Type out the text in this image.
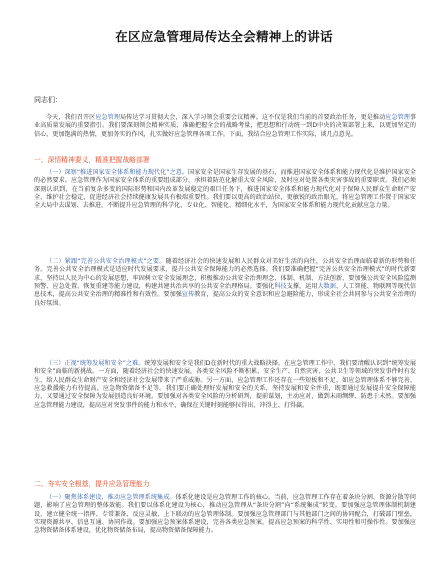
在区应急管理局传达全会精神上的讲话
同志们：
今天，我们召开区应急管理局传达学习贯彻大会，深入学习领会重要会议精神。这不仅是我们当前的首要政治任务，更是推动应急管理事业高质量发展的重要指引。我们要深刻领会精神实质，准确把握全会的战略考量，把思想和行动统一到D中央的决策部署上来，以更加坚定的信心、更加饱满的热情，更加务实的作风，扎实做好应急管理各项工作。下面，我结合应急管理工作实际，谈几点意见。
一、深悟精神要义，精准把握战略部署
（一）深察“推进国家安全体系和能力现代化”之意。国家安全是国家生存发展的基石，而推进国家安全体系和能力现代化是维护国家安全的必然要求。应急管理作为国家安全体系的重要组成部分，承担着防范化解重大安全风险、及时应对处置各类灾害事故的重要职责。我们必须深刻认识到，在当前复杂多变的国际形势和国内改革发展稳定的艰巨任务下，推进国家安全体系和能力现代化对于保障人民群众生命财产安全、维护社会稳定、促进经济社会持续健康发展具有极端重要性。我们要以更高的政治站位，更敏锐的政治眼光，将应急管理工作置于国家安全大局中去谋划、去推进，不断提升应急管理的科学化、专业化、智能化、精细化水平，为国家安全体系和能力现代化贡献应急力量。
（二）紧跟“完善公共安全治理模式”之要。随着经济社会的快速发展和人民群众对美好生活的向往，公共安全治理面临着新的形势和任务。完善公共安全治理模式是适应时代发展要求，提升公共安全保障能力的必然选择。我们要准确把握“完善公共安全治理模式”的时代新要求，坚持以人民为中心的发展思想，牢固树立安全发展理念，积极推动公共安全治理理念、体制、机制、方法创新，要加强公共安全风险监测预警、应急处置、恢复重建等能力建设，构建共建共治共享的公共安全治理格局。要强化科技支撑，运用大数据、人工智能、物联网等现代信息技术，提高公共安全治理的精准性和有效性。要加强宣传教育，提高公众的安全意识和应急避险能力，形成全社会共同参与公共安全治理的良好氛围。
（三）正视“统筹发展和安全”之难。统筹发展和安全是我们D在新时代的重大战略抉择。在应急管理工作中，我们要清醒认识到“统筹发展和安全”面临的新挑战。一方面，随着经济社会的快速发展，各类安全风险不断积累，安全生产、自然灾害、公共卫生等领域的突发事件时有发生，给人民群众生命财产安全和经济社会发展带来了严重威胁。另一方面，应急管理工作还存在一些短板和不足，如应急管理体系不够完善、应急救援能力有待提高、应急物资储备不足等。我们要正确处理好发展和安全的关系，坚持发展和安全并重，既要通过发展提升安全保障能力，又要通过安全保障为发展创造良好环境。要加强对各类安全风险的分析研判，提前谋划，主动应对，做到未雨绸缪、防患于未然。要加强应急管理能力建设，提高应对突发事件的能力和水平，确保在关键时刻能够拉得出、冲得上、打得赢。
二、夯实安全根基，提升应急管理能力
（一）聚焦体系建设，推动应急管理系统集成。体系化建设是应急管理工作的核心。当前，应急管理工作存在着条块分割、资源分散等问题，影响了应急管理的整体效能。我们要以体系化建设为核心，推动应急管理从“条块分割”向“系统集成”转变。要加强应急管理体制机制建设，建立健全统一指挥、专常兼备、反应灵敏、上下联动的应急管理体制。要加强应急管理部门与其他部门之间的协同配合，打破部门壁垒，实现资源共享、信息互通、协同作战。要加强应急预案体系建设，完善各类应急预案，提高应急预案的科学性、实用性和可操作性。要加强应急物资储备体系建设，优化物资储备布局，提高物资储备保障能力。
